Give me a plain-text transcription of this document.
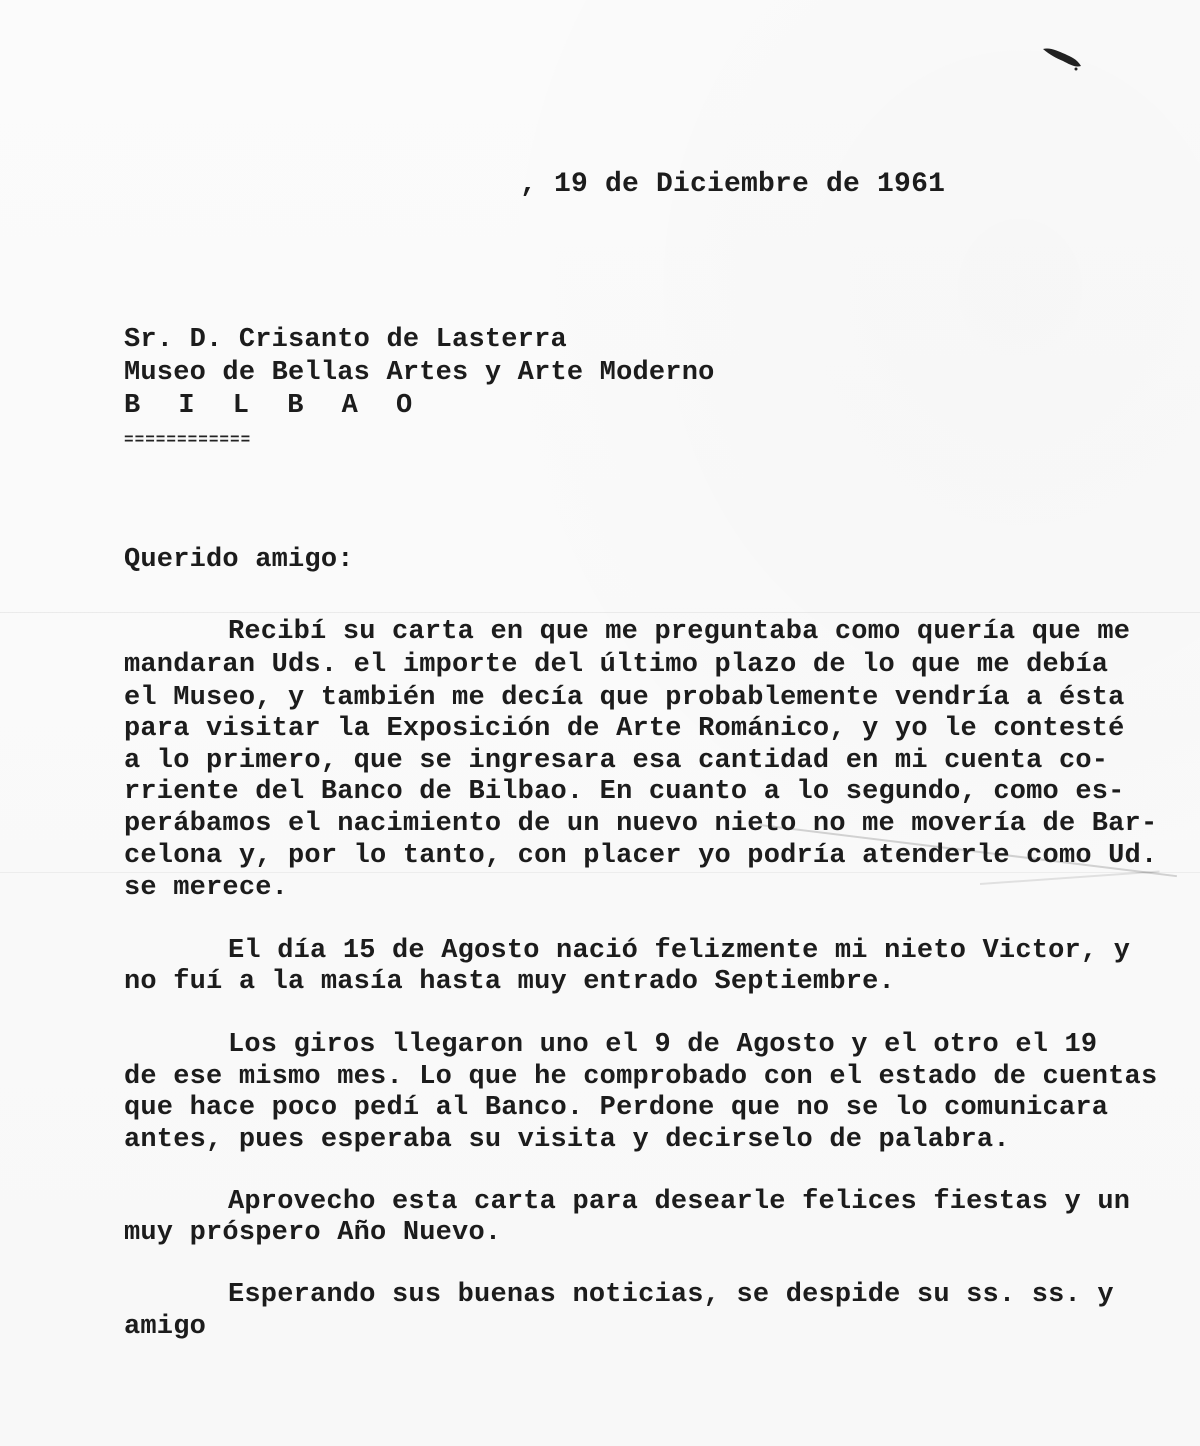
, 19 de Diciembre de 1961
Sr. D. Crisanto de Lasterra
Museo de Bellas Artes y Arte Moderno
B I L B A O
============
Querido amigo:
Recibí su carta en que me preguntaba como quería que me
mandaran Uds. el importe del último plazo de lo que me debía
el Museo, y también me decía que probablemente vendría a ésta
para visitar la Exposición de Arte Románico, y yo le contesté
a lo primero, que se ingresara esa cantidad en mi cuenta co-
rriente del Banco de Bilbao. En cuanto a lo segundo, como es-
perábamos el nacimiento de un nuevo nieto no me movería de Bar-
celona y, por lo tanto, con placer yo podría atenderle como Ud.
se merece.
El día 15 de Agosto nació felizmente mi nieto Victor, y
no fuí a la masía hasta muy entrado Septiembre.
Los giros llegaron uno el 9 de Agosto y el otro el 19
de ese mismo mes. Lo que he comprobado con el estado de cuentas
que hace poco pedí al Banco. Perdone que no se lo comunicara
antes, pues esperaba su visita y decirselo de palabra.
Aprovecho esta carta para desearle felices fiestas y un
muy próspero Año Nuevo.
Esperando sus buenas noticias, se despide su ss. ss. y
amigo
